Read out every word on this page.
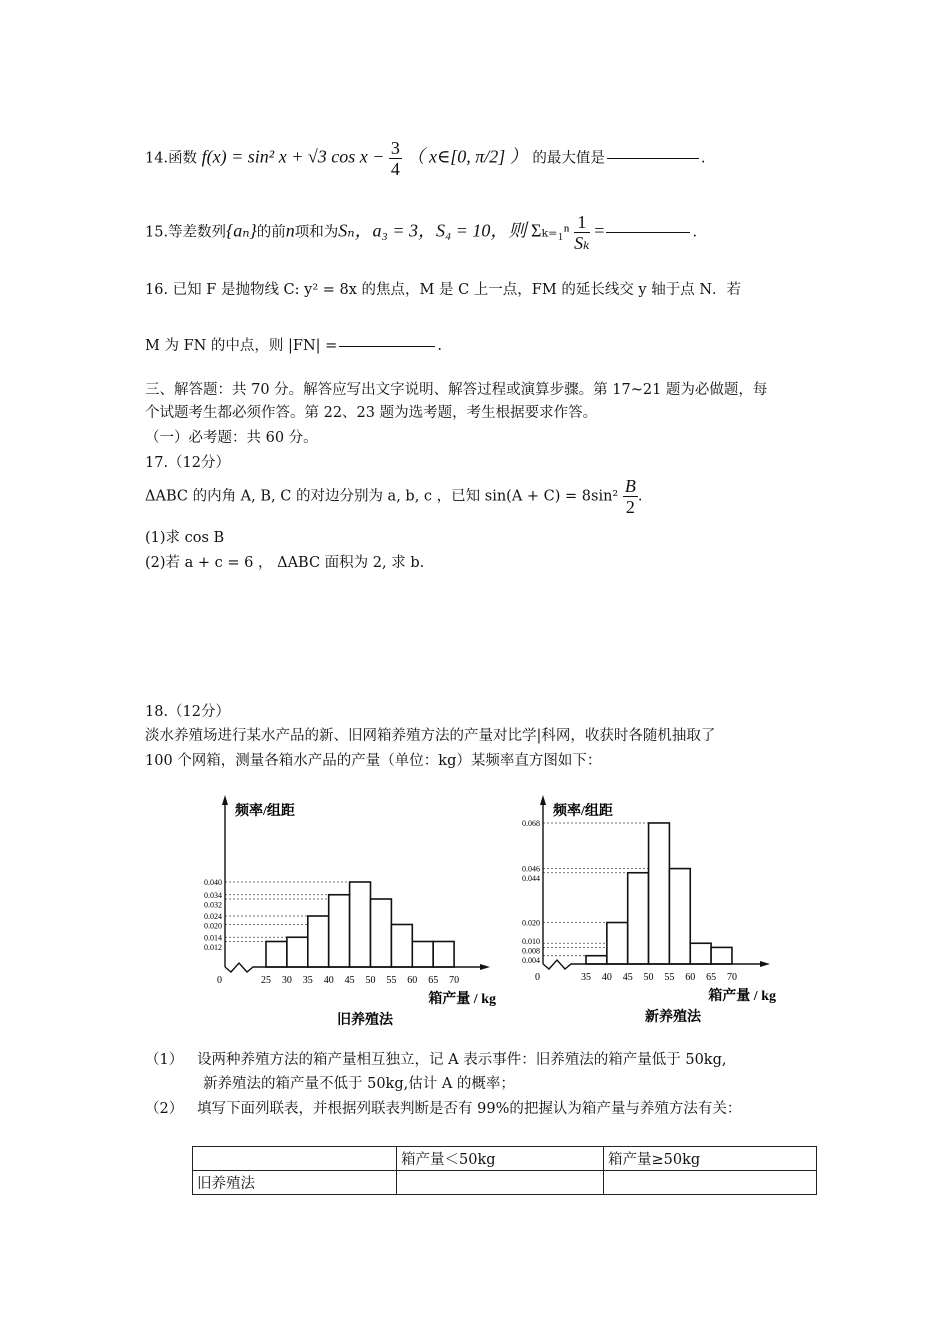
14.函数 f(x) = sin² x + √3 $\cos x - \frac{3}{4}$ （ x∈[0, π/2] ） 的最大值是	.
15.等差数列{aₙ}的前n项和为Sₙ，a₃ = 3，S₄ = 10，则 $\Sigma_{k=1}^n \frac{1}{\text{Sₖ}}$ =	.
16. 已知 F 是抛物线 C: y² = 8x 的焦点，M 是 C 上一点，FM 的延长线交 y 轴于点 N．若
M 为 FN 的中点，则 |FN| =	.
三、解答题：共 70 分。解答应写出文字说明、解答过程或演算步骤。第 17~21 题为必做题，每
个试题考生都必须作答。第 22、23 题为选考题，考生根据要求作答。
（一）必考题：共 60 分。
17.（12分）
ΔABC 的内角 A, B, C 的对边分别为 a, b, c ，已知 $\sin(A + C) = 8\sin^2 \frac{B}{2}$ .
(1)求 cos B
(2)若 a + c = 6 ， ΔABC 面积为 2, 求 b.
18.（12分）
淡水养殖场进行某水产品的新、旧网箱养殖方法的产量对比学|科网，收获时各随机抽取了
100 个网箱，测量各箱水产品的产量（单位：kg）某频率直方图如下：
0.040
0.034
0.032
0.024
0.020
0.014
0.012
0	25 30 35 40 45 50 55 60 65 70
频率/组距
箱产量 / kg
旧养殖法
0.068
0.046
0.044
0.020
0.010
0.008
0.004
0	35 40 45 50 55 60 65 70
频率/组距
箱产量 / kg
新养殖法
（1） 设两种养殖方法的箱产量相互独立，记 A 表示事件：旧养殖法的箱产量低于 50kg,
新养殖法的箱产量不低于 50kg,估计 A 的概率；
（2） 填写下面列联表，并根据列联表判断是否有 99%的把握认为箱产量与养殖方法有关：
	箱产量＜50kg	箱产量≥50kg
旧养殖法		
